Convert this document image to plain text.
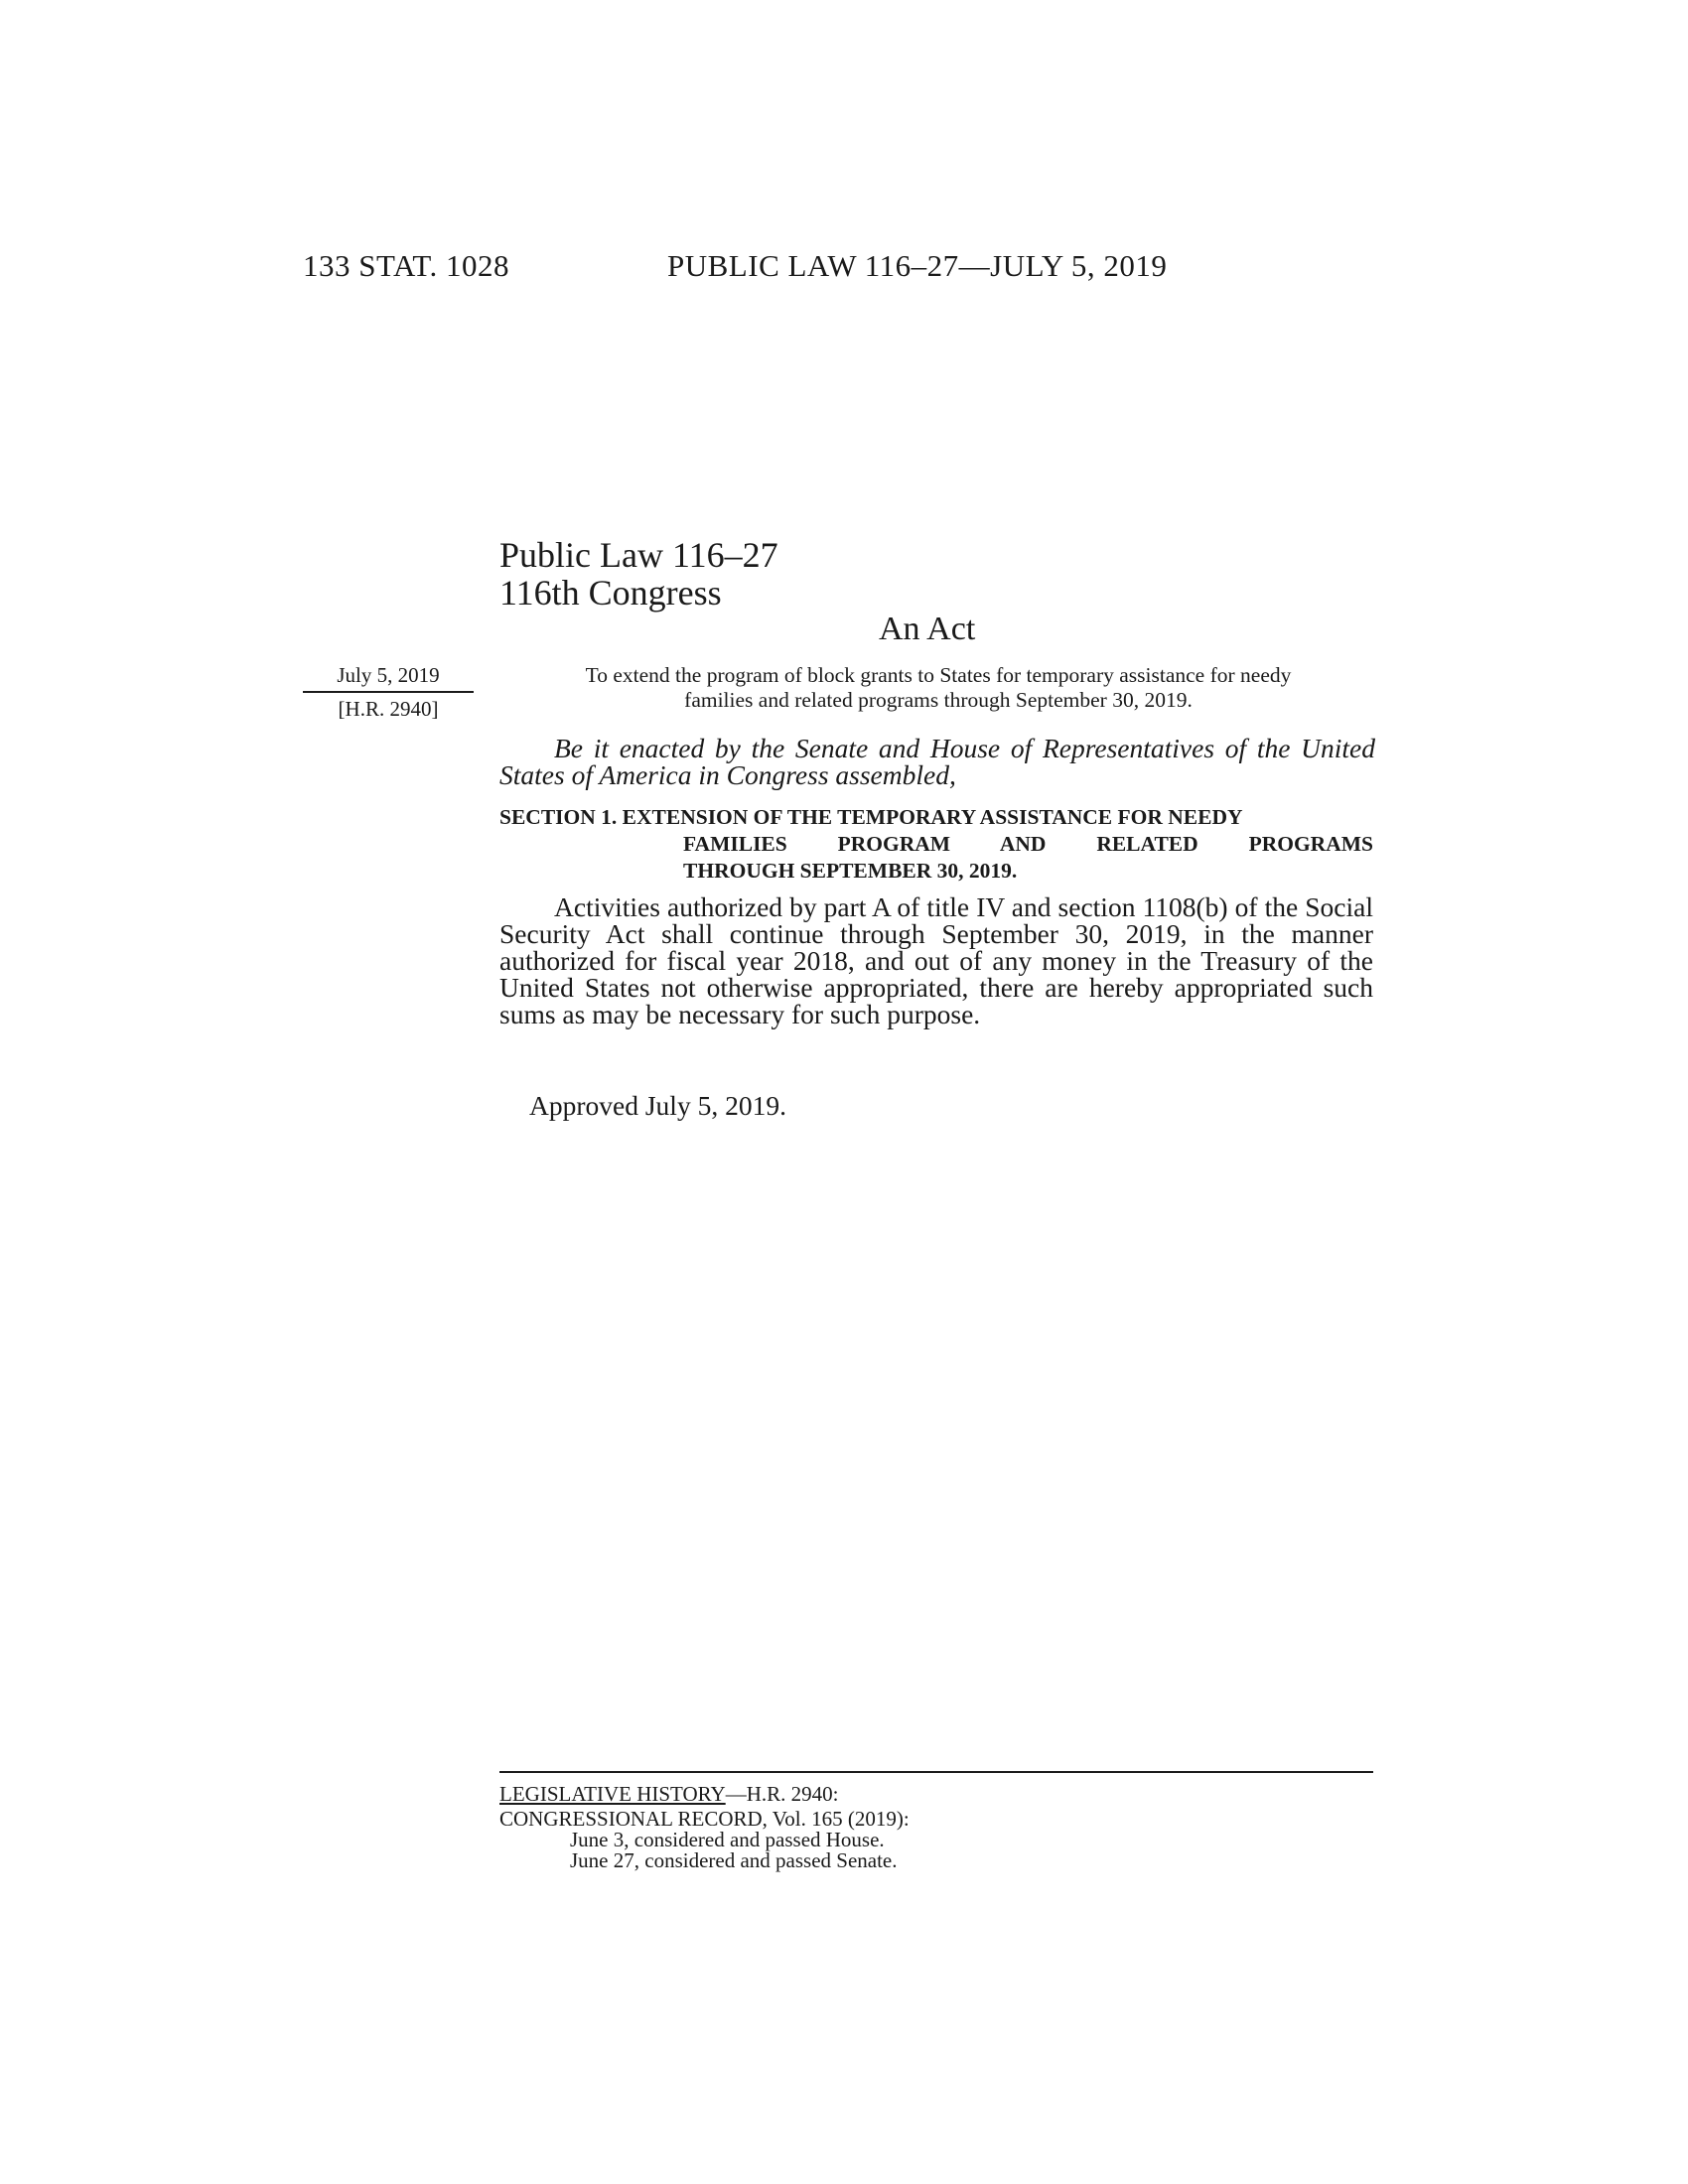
133 STAT. 1028	PUBLIC LAW 116–27—JULY 5, 2019
Public Law 116–27
116th Congress
An Act
July 5, 2019
[H.R. 2940]
To extend the program of block grants to States for temporary assistance for needy families and related programs through September 30, 2019.
Be it enacted by the Senate and House of Representatives of the United States of America in Congress assembled,
SECTION 1. EXTENSION OF THE TEMPORARY ASSISTANCE FOR NEEDY
FAMILIES PROGRAM AND RELATED PROGRAMS
THROUGH SEPTEMBER 30, 2019.
Activities authorized by part A of title IV and section 1108(b) of the Social Security Act shall continue through September 30, 2019, in the manner authorized for fiscal year 2018, and out of any money in the Treasury of the United States not otherwise appropriated, there are hereby appropriated such sums as may be necessary for such purpose.
Approved July 5, 2019.
LEGISLATIVE HISTORY—H.R. 2940:
CONGRESSIONAL RECORD, Vol. 165 (2019):
June 3, considered and passed House.
June 27, considered and passed Senate.
